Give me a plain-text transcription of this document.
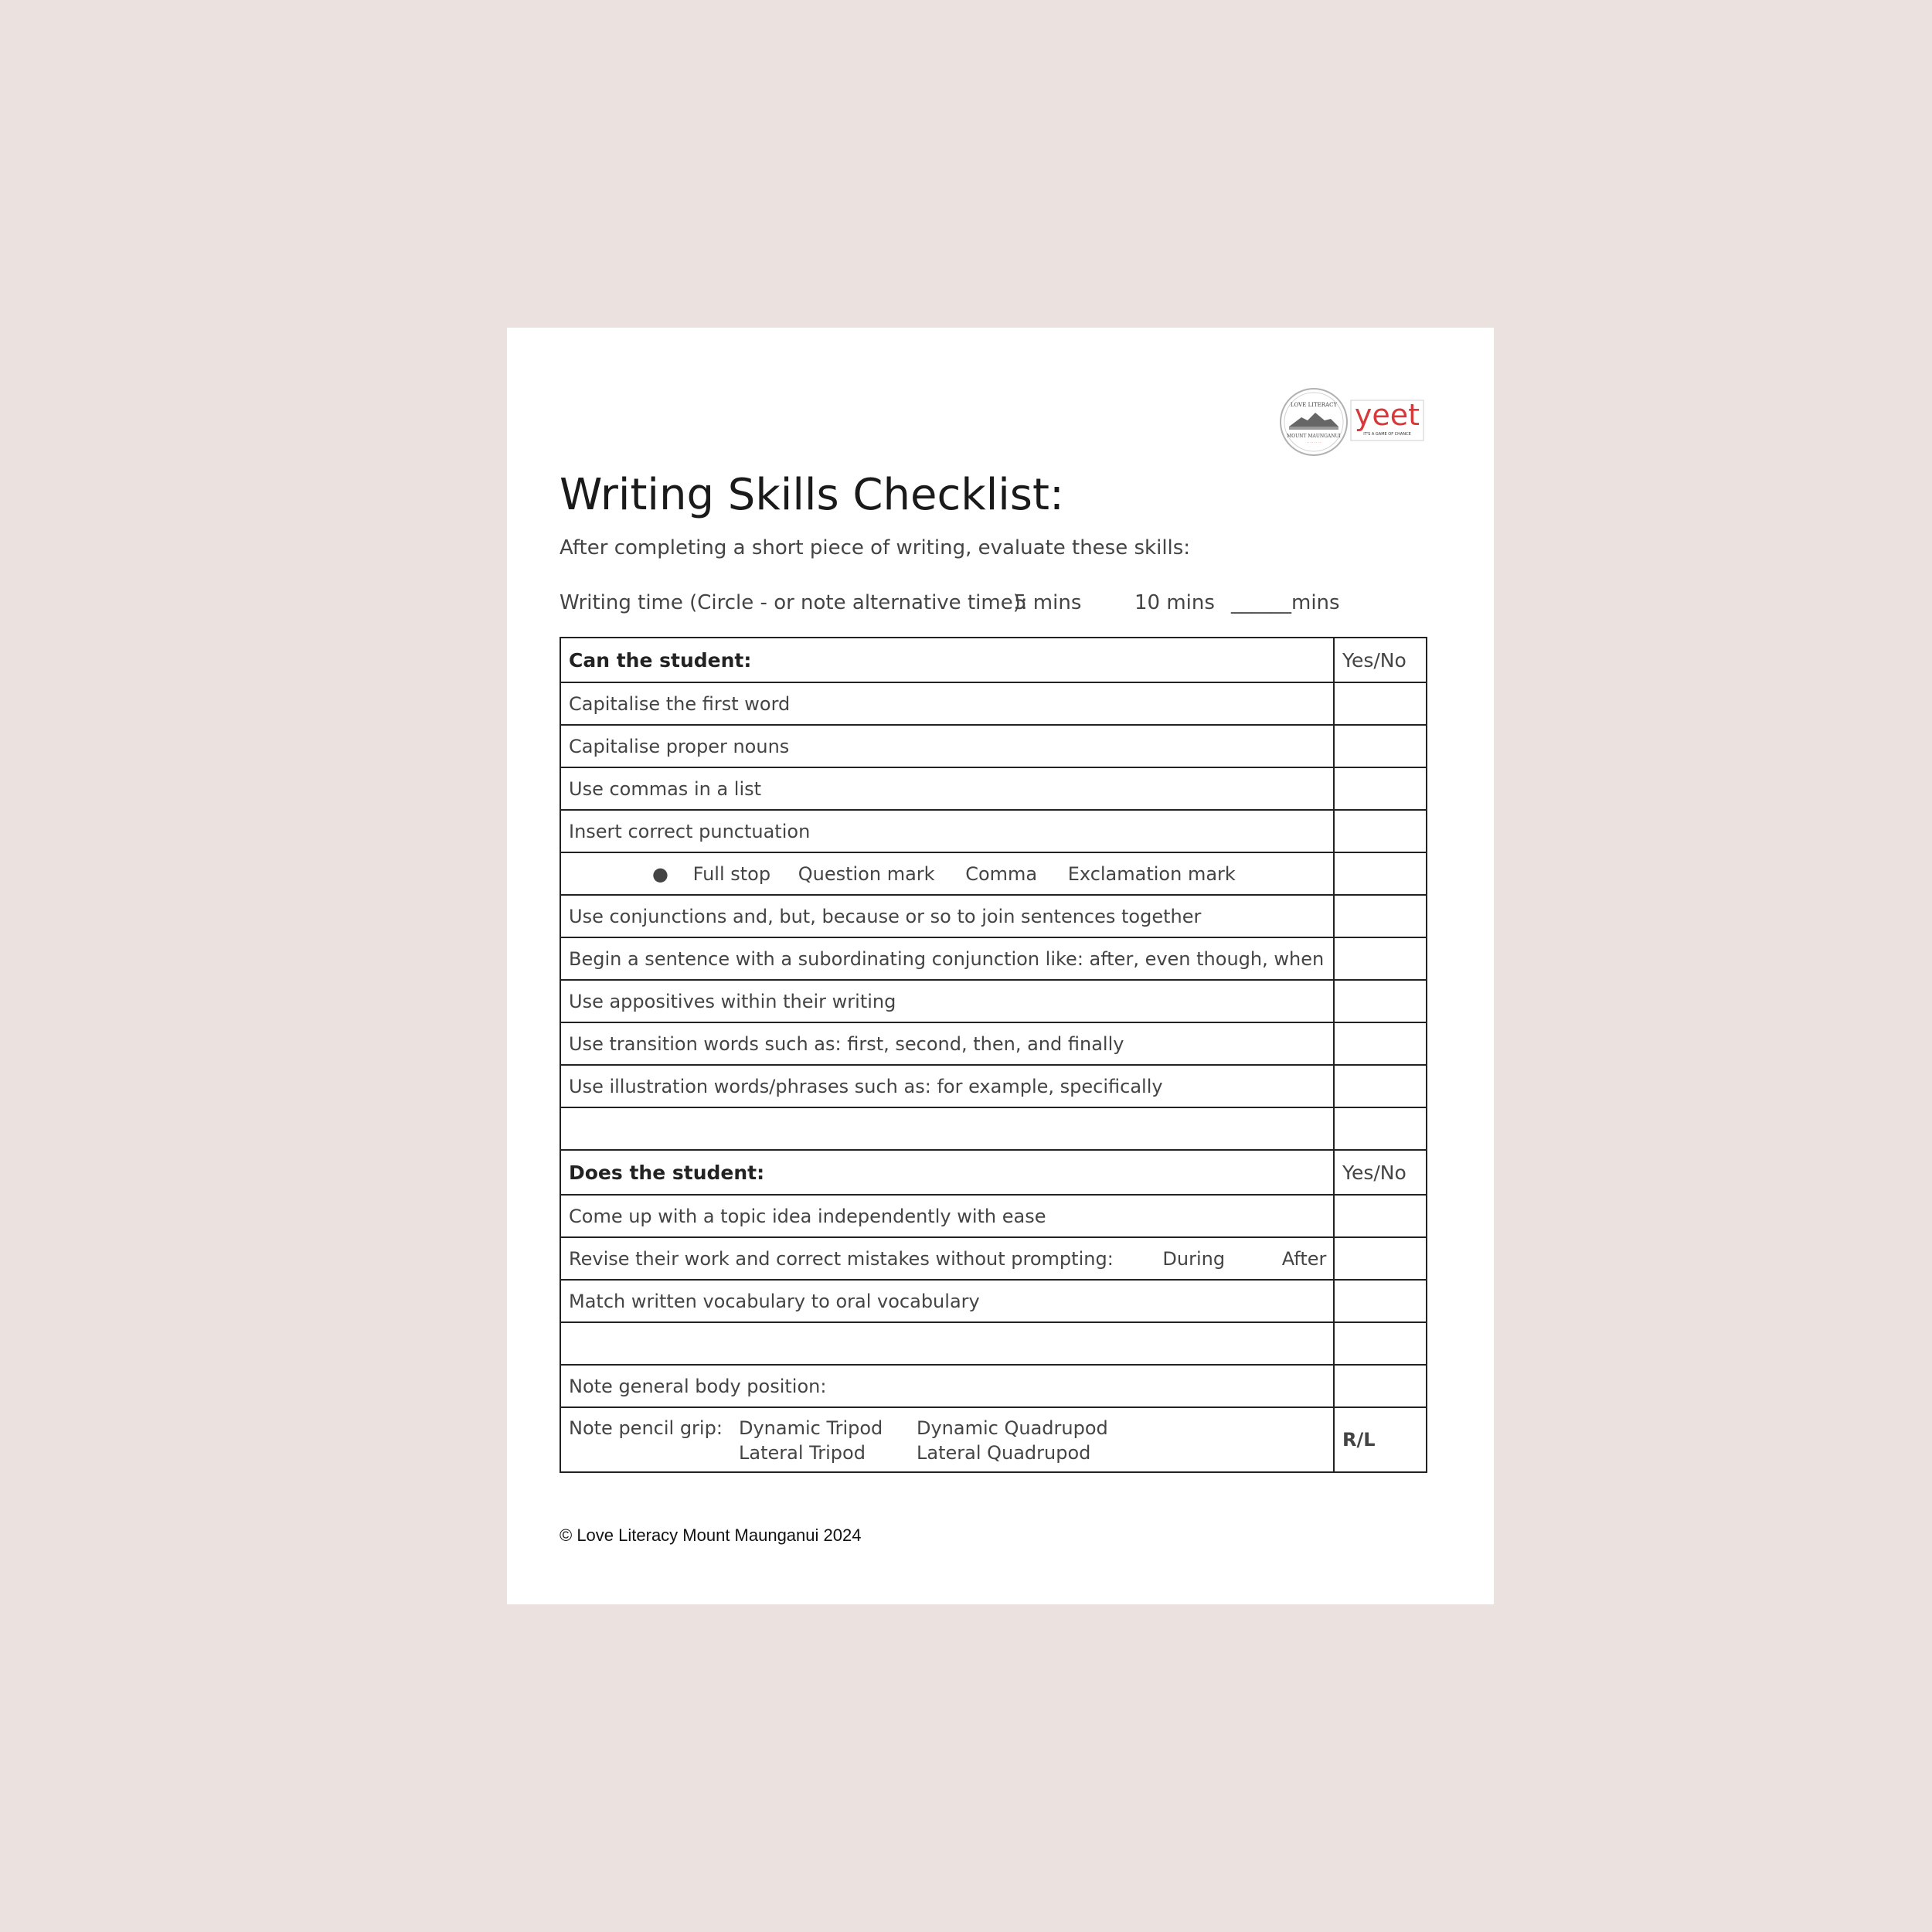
LOVE LITERACY
MOUNT MAUNGANUI
· · · · · · · ·
yeet
IT'S A GAME OF CHANCE
Writing Skills Checklist:
After completing a short piece of writing, evaluate these skills:
Writing time (Circle - or note alternative time):
5 mins	10 mins ______mins
Can the student:	Yes/No
Capitalise the first word	
Capitalise proper nouns	
Use commas in a list	
Insert correct punctuation	
● Full stop Question mark Comma Exclamation mark	
Use conjunctions and, but, because or so to join sentences together	
Begin a sentence with a subordinating conjunction like: after, even though, when	
Use appositives within their writing	
Use transition words such as: first, second, then, and finally	
Use illustration words/phrases such as: for example, specifically	

Does the student:	Yes/No
Come up with a topic idea independently with ease	
Revise their work and correct mistakes without prompting: During After	
Match written vocabulary to oral vocabulary	

Note general body position:	

Note pencil grip: Dynamic Tripod Dynamic Quadrupod
Lateral Tripod Lateral Quadrupod	R/L
© Love Literacy Mount Maunganui 2024
